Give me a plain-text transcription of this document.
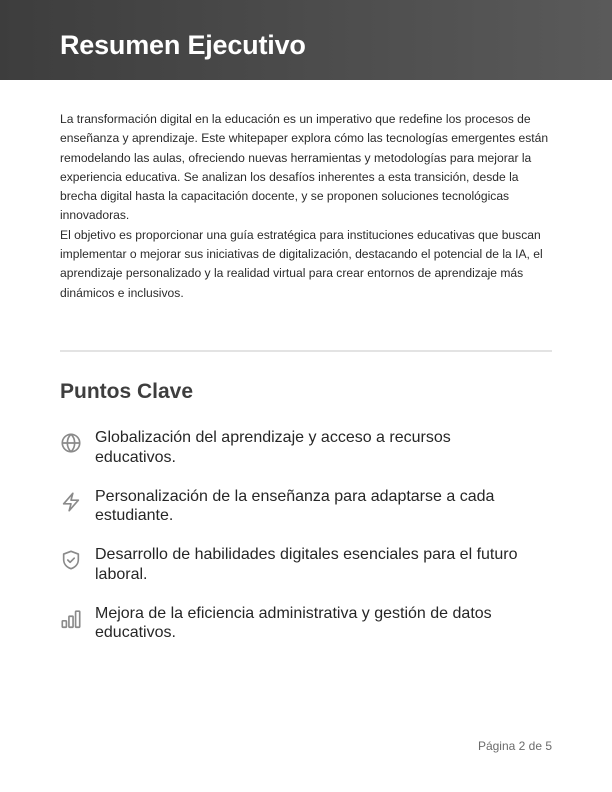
Resumen Ejecutivo

La transformación digital en la educación es un imperativo que redefine los procesos de enseñanza y aprendizaje. Este whitepaper explora cómo las tecnologías emergentes están remodelando las aulas, ofreciendo nuevas herramientas y metodologías para mejorar la experiencia educativa. Se analizan los desafíos inherentes a esta transición, desde la brecha digital hasta la capacitación docente, y se proponen soluciones tecnológicas innovadoras.

El objetivo es proporcionar una guía estratégica para instituciones educativas que buscan implementar o mejorar sus iniciativas de digitalización, destacando el potencial de la IA, el aprendizaje personalizado y la realidad virtual para crear entornos de aprendizaje más dinámicos e inclusivos.

Puntos Clave
Globalización del aprendizaje y acceso a recursos educativos.
Personalización de la enseñanza para adaptarse a cada estudiante.
Desarrollo de habilidades digitales esenciales para el futuro laboral.
Mejora de la eficiencia administrativa y gestión de datos educativos.
Página 2 de 5
